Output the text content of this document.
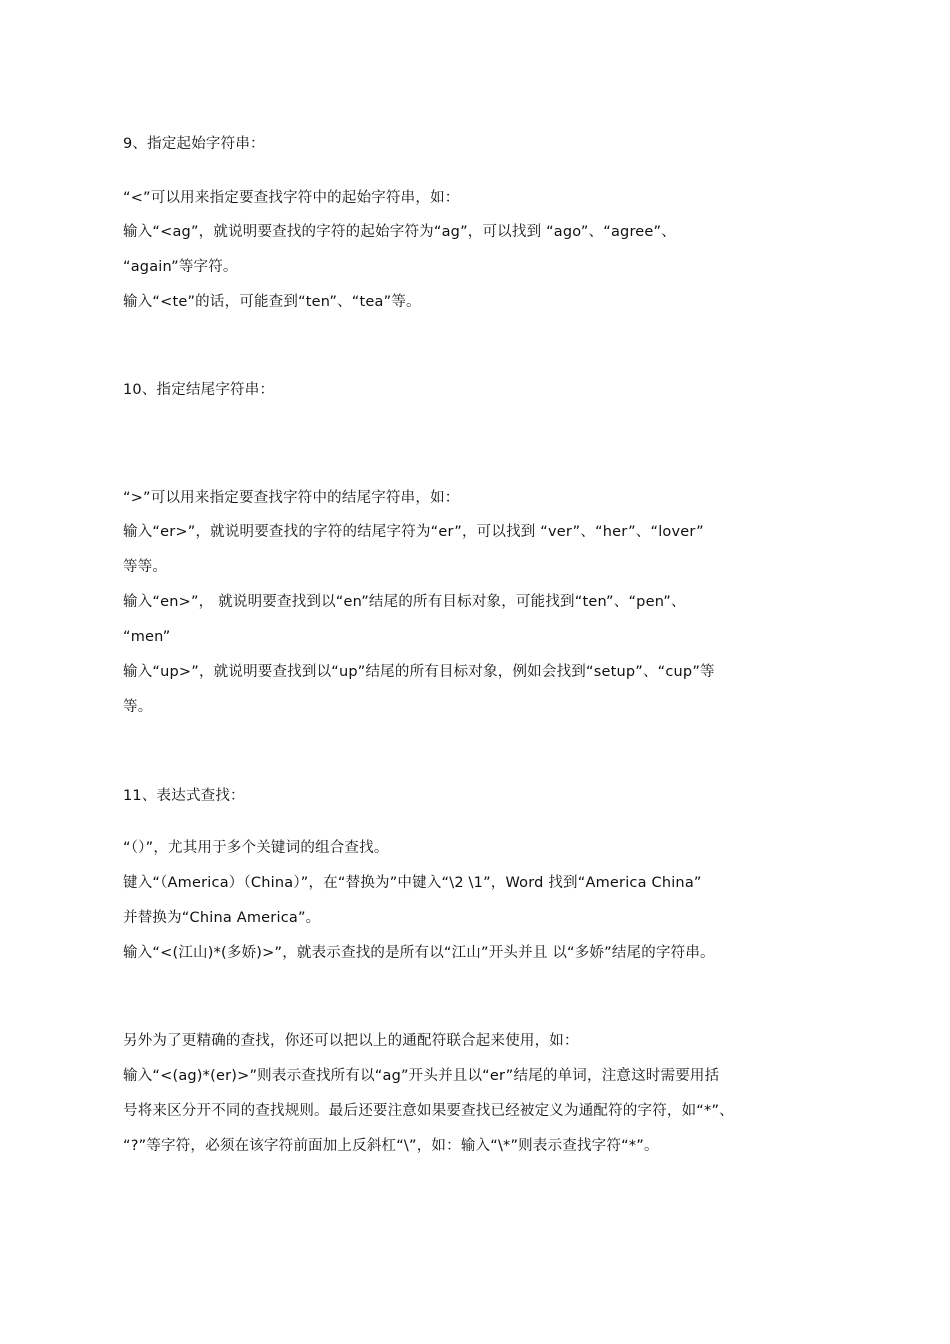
9、指定起始字符串：
“<”可以用来指定要查找字符中的起始字符串，如：
输入“<ag”，就说明要查找的字符的起始字符为“ag”，可以找到 “ago”、“agree”、
“again”等字符。
输入“<te”的话，可能查到“ten”、“tea”等。
10、指定结尾字符串：
“>”可以用来指定要查找字符中的结尾字符串，如：
输入“er>”，就说明要查找的字符的结尾字符为“er”，可以找到 “ver”、“her”、“lover”
等等。
输入“en>”， 就说明要查找到以“en”结尾的所有目标对象，可能找到“ten”、“pen”、
“men”
输入“up>”，就说明要查找到以“up”结尾的所有目标对象，例如会找到“setup”、“cup”等
等。
11、表达式查找：
“（）”，尤其用于多个关键词的组合查找。
键入“（America）（China）”，在“替换为”中键入“\2 \1”，Word 找到“America China”
并替换为“China America”。
输入“<(江山)*(多娇)>”，就表示查找的是所有以“江山”开头并且 以“多娇”结尾的字符串。
另外为了更精确的查找，你还可以把以上的通配符联合起来使用，如：
输入“<(ag)*(er)>”则表示查找所有以“ag”开头并且以“er”结尾的单词，注意这时需要用括
号将来区分开不同的查找规则。最后还要注意如果要查找已经被定义为通配符的字符，如“*”、
“?”等字符，必须在该字符前面加上反斜杠“\”，如：输入“\*”则表示查找字符“*”。
